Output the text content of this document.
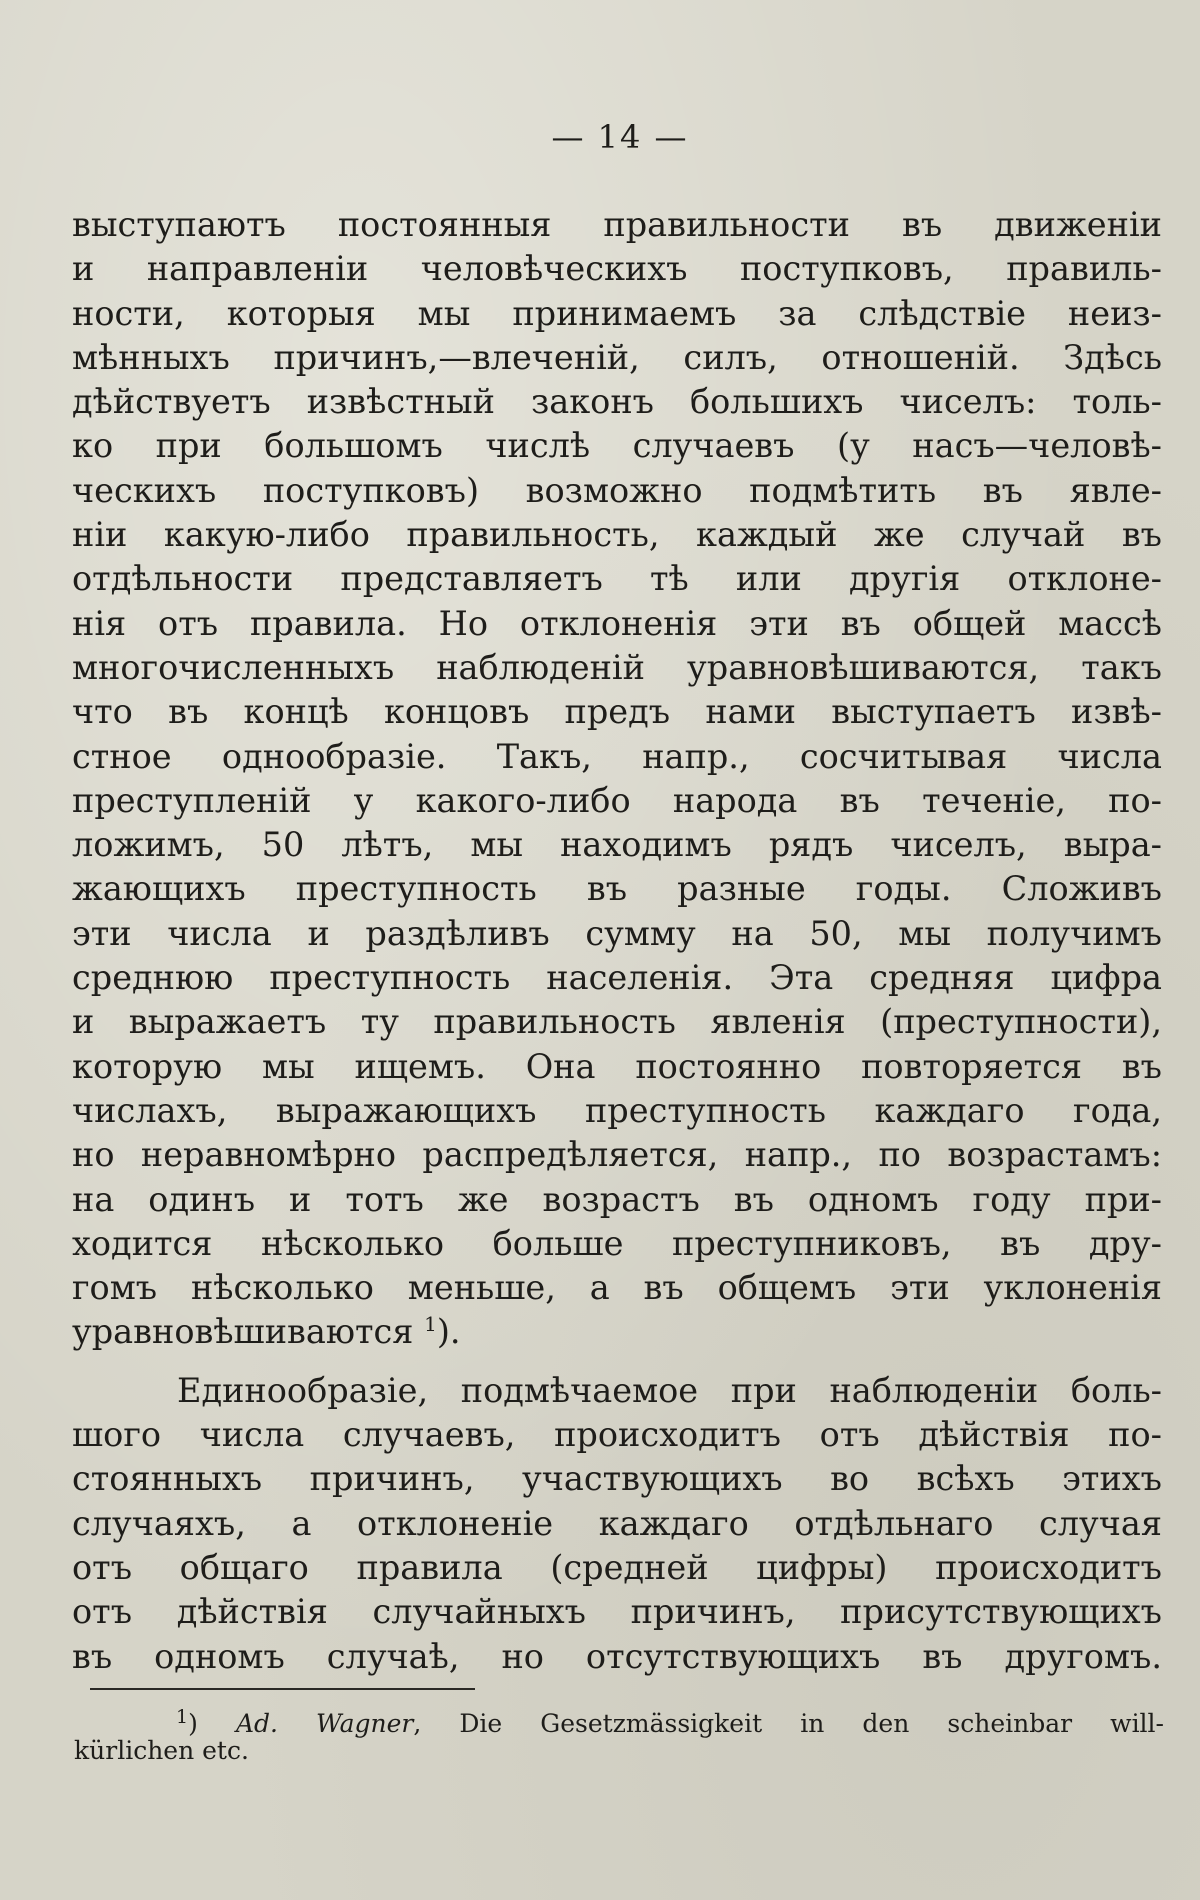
— 14 —
выступаютъ постоянныя правильности въ движенiи
и направленiи человѣческихъ поступковъ, правиль-
ности, которыя мы принимаемъ за слѣдствiе неиз-
мѣнныхъ причинъ,—влеченiй, силъ, отношенiй. Здѣсь
дѣйствуетъ извѣстный законъ большихъ чиселъ: толь-
ко при большомъ числѣ случаевъ (у насъ—человѣ-
ческихъ поступковъ) возможно подмѣтить въ явле-
нiи какую-либо правильность, каждый же случай въ
отдѣльности представляетъ тѣ или другiя отклоне-
нiя отъ правила. Но отклоненiя эти въ общей массѣ
многочисленныхъ наблюденiй уравновѣшиваются, такъ
что въ концѣ концовъ предъ нами выступаетъ извѣ-
стное однообразiе. Такъ, напр., сосчитывая числа
преступленiй у какого-либо народа въ теченiе, по-
ложимъ, 50 лѣтъ, мы находимъ рядъ чиселъ, выра-
жающихъ преступность въ разные годы. Сложивъ
эти числа и раздѣливъ сумму на 50, мы получимъ
среднюю преступность населенiя. Эта средняя цифра
и выражаетъ ту правильность явленiя (преступности),
которую мы ищемъ. Она постоянно повторяется въ
числахъ, выражающихъ преступность каждаго года,
но неравномѣрно распредѣляется, напр., по возрастамъ:
на одинъ и тотъ же возрастъ въ одномъ году при-
ходится нѣсколько больше преступниковъ, въ дру-
гомъ нѣсколько меньше, а въ общемъ эти уклоненiя
уравновѣшиваются $^1$).
Единообразiе, подмѣчаемое при наблюденiи боль-
шого числа случаевъ, происходитъ отъ дѣйствiя по-
стоянныхъ причинъ, участвующихъ во всѣхъ этихъ
случаяхъ, а отклоненiе каждаго отдѣльнаго случая
отъ общаго правила (средней цифры) происходитъ
отъ дѣйствiя случайныхъ причинъ, присутствующихъ
въ одномъ случаѣ, но отсутствующихъ въ другомъ.
$^1$) Ad. Wagner, Die Gesetzmässigkeit in den scheinbar will-
kürlichen etc.
